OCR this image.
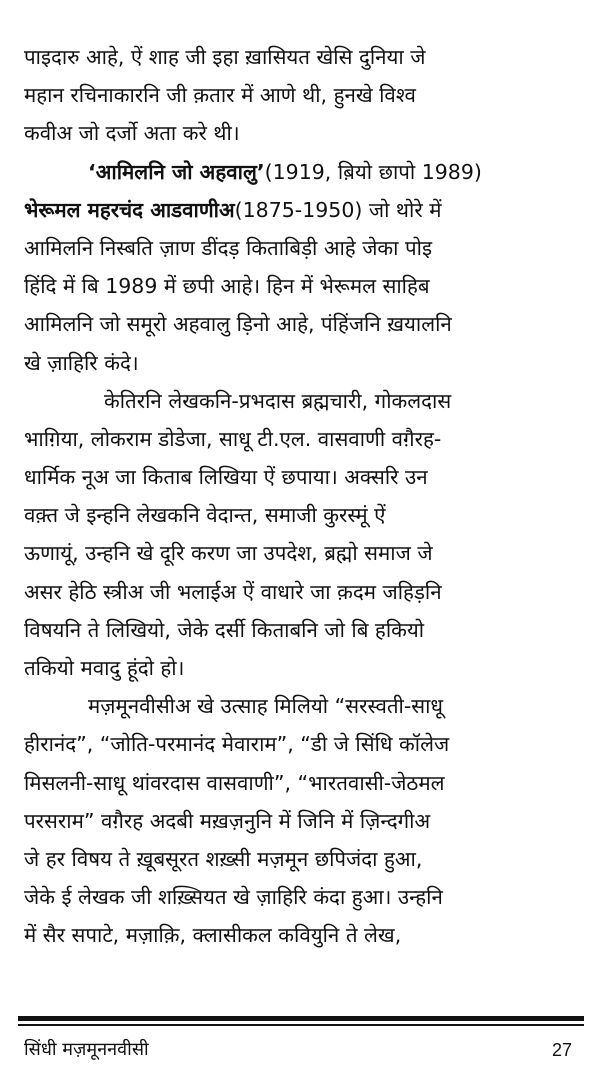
पाइदारु आहे, ऐं शाह जी इहा ख़ासियत खेसि दुनिया जे
महान रचिनाकारनि जी क़तार में आणे थी, हुनखे विश्व
कवीअ जो दर्जो अता करे थी।
‘आमिलनि जो अहवालु’ (1919, ब़ियो छापो 1989)
भेरूमल महरचंद आडवाणीअ (1875-1950) जो थोरे में
आमिलनि निस्बति ज़ाण डींदड़ किताबिड़ी आहे जेका पोइ
हिंदि में बि 1989 में छपी आहे। हिन में भेरूमल साहिब
आमिलनि जो समूरो अहवालु ड़िनो आहे, पंहिंजनि ख़यालनि
खे ज़ाहिरि कंदे।
केतिरनि लेखकनि-प्रभदास ब्रह्मचारी, गोकलदास
भाग़िया, लोकराम डोडेजा, साधू टी.एल. वासवाणी वग़ैरह-
धार्मिक नूअ जा किताब लिखिया ऐं छपाया। अक्सरि उन
वक़्त जे इन्हनि लेखकनि वेदान्त, समाजी कुरस्मूं ऐं
ऊणायूं, उन्हनि खे दूरि करण जा उपदेश, ब्रह्मो समाज जे
असर हेठि स्त्रीअ जी भलाईअ ऐं वाधारे जा क़दम जहिड़नि
विषयनि ते लिखियो, जेके दर्सी किताबनि जो बि हकियो
तकियो मवादु हूंदो हो।
मज़मूनवीसीअ खे उत्साह मिलियो “सरस्वती-साधू
हीरानंद”, “जोति-परमानंद मेवाराम”, “डी जे सिंधि कॉलेज
मिसलनी-साधू थांवरदास वासवाणी”, “भारतवासी-जेठमल
परसराम” वग़ैरह अदबी मख़ज़नुनि में जिनि में ज़िन्दगीअ
जे हर विषय ते ख़ूबसूरत शख़्सी मज़मून छपिजंदा हुआ,
जेके ई लेखक जी शख़्सियत खे ज़ाहिरि कंदा हुआ। उन्हनि
में सैर सपाटे, मज़ाक़ि, क्लासीकल कवियुनि ते लेख,
सिंधी मज़मूननवीसी	27
